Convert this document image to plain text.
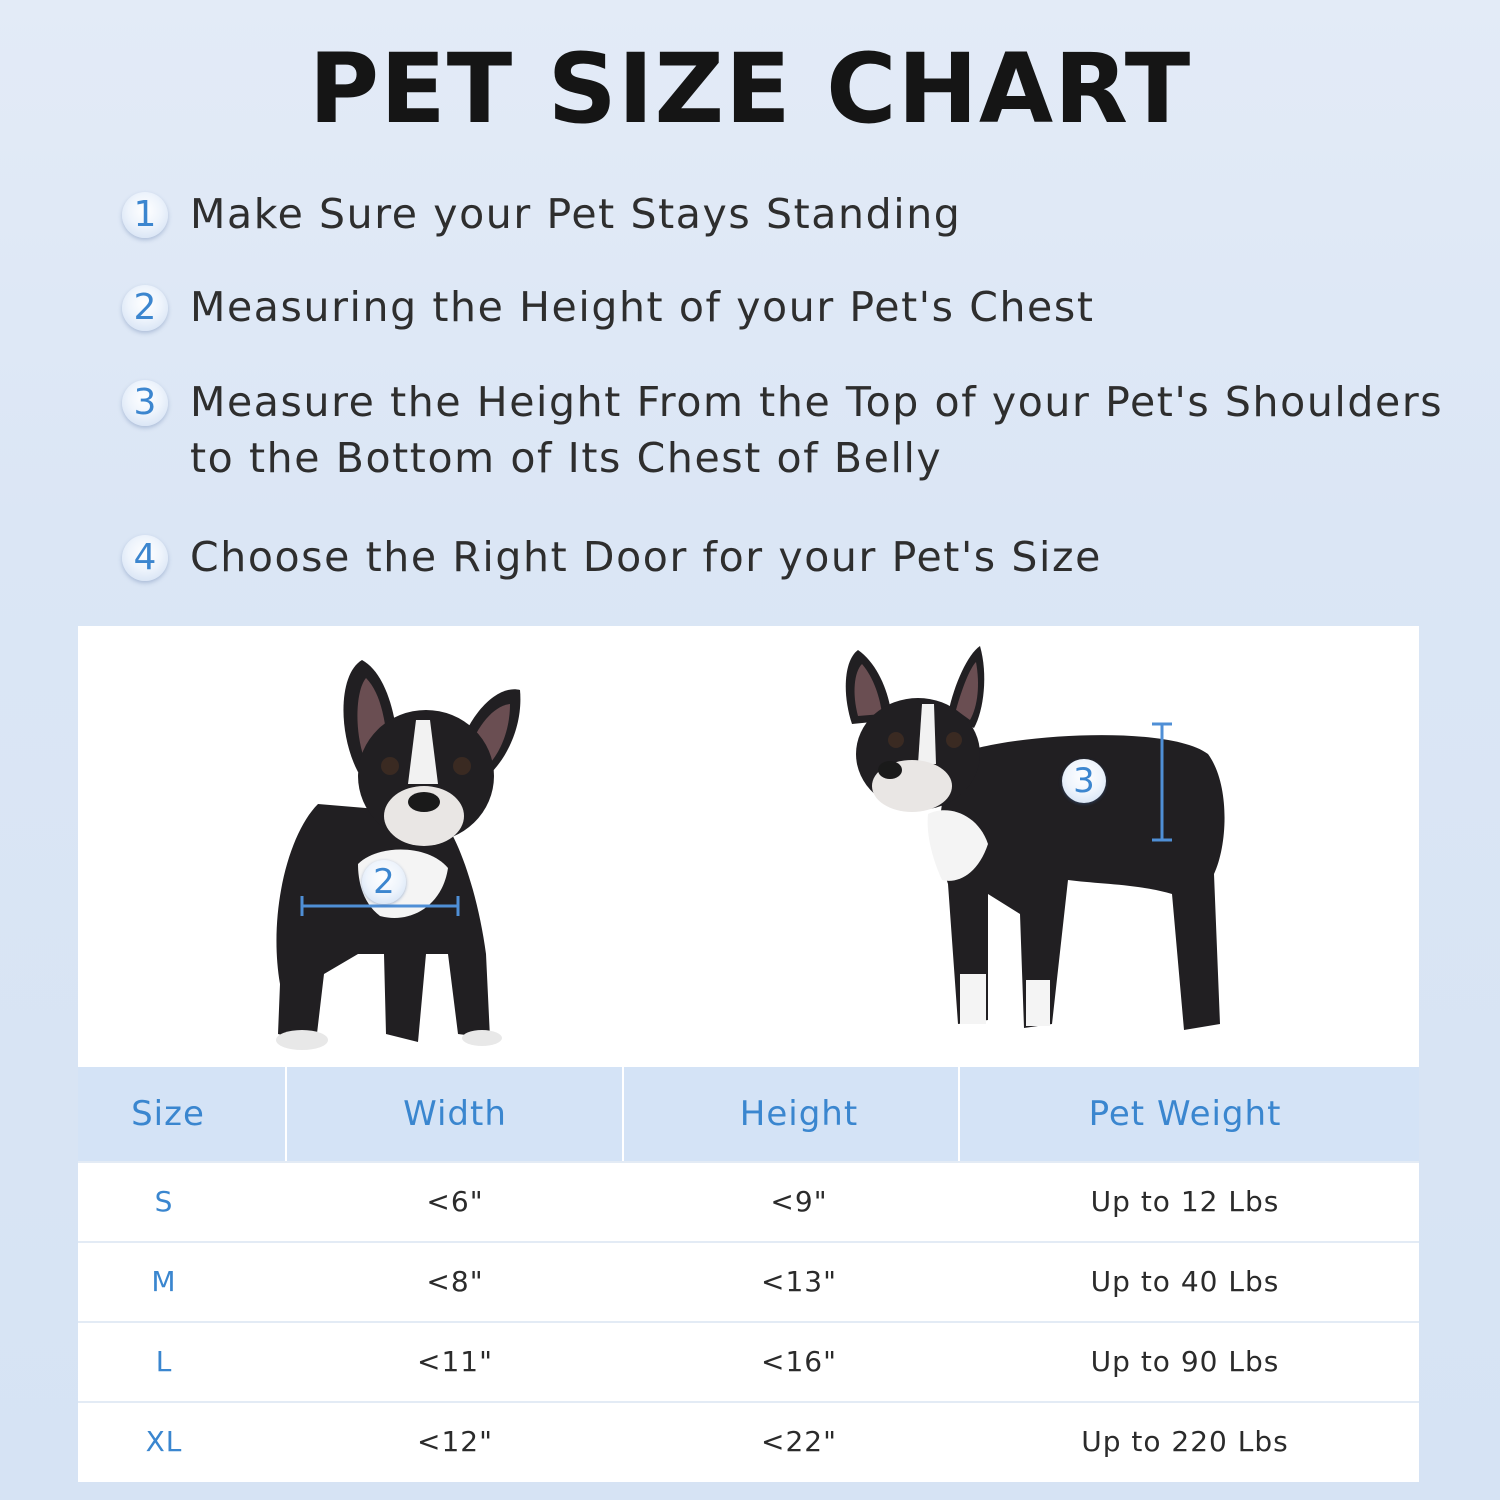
PET SIZE CHART
1 Make Sure your Pet Stays Standing
2 Measuring the Height of your Pet's Chest
3 Measure the Height From the Top of your Pet's Shoulders
to the Bottom of Its Chest of Belly
4 Choose the Right Door for your Pet's Size
2
3
Size	Width	Height	Pet Weight
S	<6"	<9"	Up to 12 Lbs
M	<8"	<13"	Up to 40 Lbs
L	<11"	<16"	Up to 90 Lbs
XL	<12"	<22"	Up to 220 Lbs
